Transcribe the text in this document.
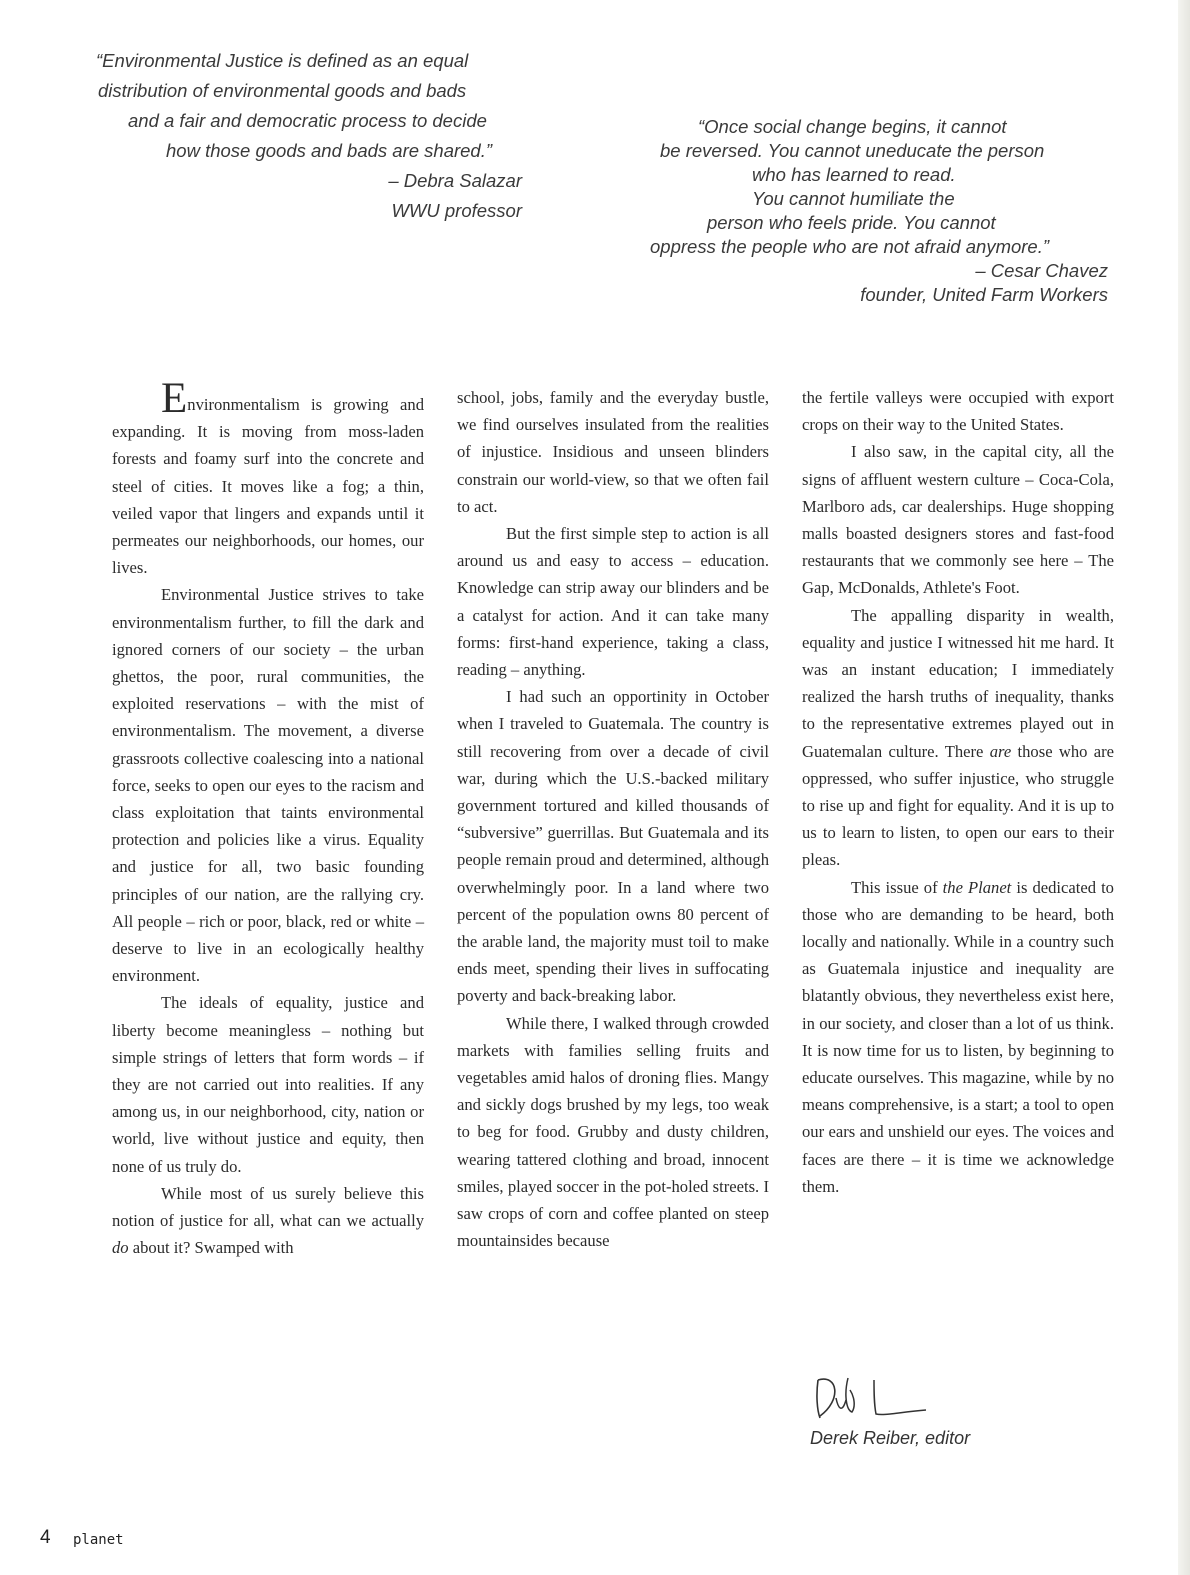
“Environmental Justice is defined as an equal
distribution of environmental goods and bads
and a fair and democratic process to decide
how those goods and bads are shared.”
– Debra Salazar
WWU professor
“Once social change begins, it cannot
be reversed. You cannot uneducate the person
who has learned to read.
You cannot humiliate the
person who feels pride. You cannot
oppress the people who are not afraid anymore.”
– Cesar Chavez
founder, United Farm Workers

Environmentalism is growing and expanding. It is moving from moss-laden forests and foamy surf into the concrete and steel of cities. It moves like a fog; a thin, veiled vapor that lingers and expands until it permeates our neighborhoods, our homes, our lives.

Environmental Justice strives to take environmentalism further, to fill the dark and ignored corners of our society – the urban ghettos, the poor, rural communities, the exploited reservations – with the mist of environmentalism. The movement, a diverse grassroots collective coalescing into a national force, seeks to open our eyes to the racism and class exploitation that taints environmental protection and policies like a virus. Equality and justice for all, two basic founding principles of our nation, are the rallying cry. All people – rich or poor, black, red or white – deserve to live in an ecologically healthy environment.

The ideals of equality, justice and liberty become meaningless – nothing but simple strings of letters that form words – if they are not carried out into realities. If any among us, in our neighborhood, city, nation or world, live without justice and equity, then none of us truly do.

While most of us surely believe this notion of justice for all, what can we actually do about it? Swamped with

school, jobs, family and the everyday bustle, we find ourselves insulated from the realities of injustice. Insidious and unseen blinders constrain our world-view, so that we often fail to act.

But the first simple step to action is all around us and easy to access – education. Knowledge can strip away our blinders and be a catalyst for action. And it can take many forms: first-hand experience, taking a class, reading – anything.

I had such an opportinity in October when I traveled to Guatemala. The country is still recovering from over a decade of civil war, during which the U.S.-backed military government tortured and killed thousands of “subversive” guerrillas. But Guatemala and its people remain proud and determined, although overwhelmingly poor. In a land where two percent of the population owns 80 percent of the arable land, the majority must toil to make ends meet, spending their lives in suffocating poverty and back-breaking labor.

While there, I walked through crowded markets with families selling fruits and vegetables amid halos of droning flies. Mangy and sickly dogs brushed by my legs, too weak to beg for food. Grubby and dusty children, wearing tattered clothing and broad, innocent smiles, played soccer in the pot-holed streets. I saw crops of corn and coffee planted on steep mountainsides because

the fertile valleys were occupied with export crops on their way to the United States.

I also saw, in the capital city, all the signs of affluent western culture – Coca-Cola, Marlboro ads, car dealerships. Huge shopping malls boasted designers stores and fast-food restaurants that we commonly see here – The Gap, McDonalds, Athlete's Foot.

The appalling disparity in wealth, equality and justice I witnessed hit me hard. It was an instant education; I immediately realized the harsh truths of inequality, thanks to the representative extremes played out in Guatemalan culture. There are those who are oppressed, who suffer injustice, who struggle to rise up and fight for equality. And it is up to us to learn to listen, to open our ears to their pleas.

This issue of the Planet is dedicated to those who are demanding to be heard, both locally and nationally. While in a country such as Guatemala injustice and inequality are blatantly obvious, they nevertheless exist here, in our society, and closer than a lot of us think. It is now time for us to listen, by beginning to educate ourselves. This magazine, while by no means comprehensive, is a start; a tool to open our ears and unshield our eyes. The voices and faces are there – it is time we acknowledge them.

Derek Reiber, editor
4 planet
